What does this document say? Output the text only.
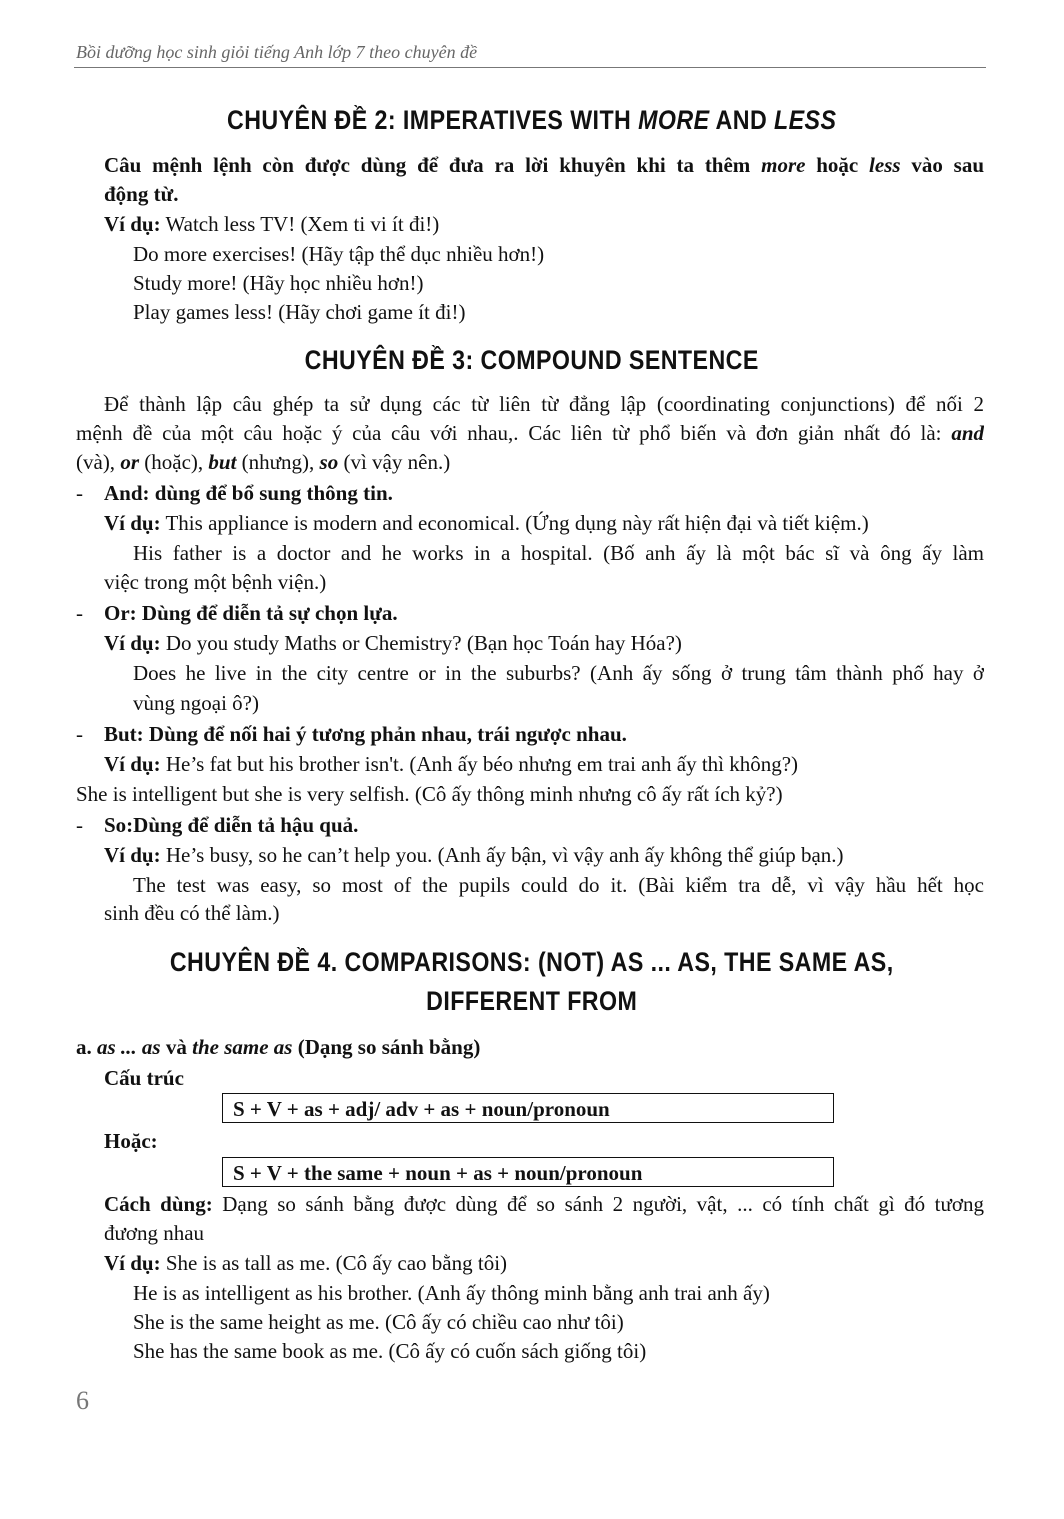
Bồi dưỡng học sinh giỏi tiếng Anh lớp 7 theo chuyên đề
CHUYÊN ĐỀ 2: IMPERATIVES WITH MORE AND LESS
CHUYÊN ĐỀ 3: COMPOUND SENTENCE
CHUYÊN ĐỀ 4. COMPARISONS: (NOT) AS ... AS, THE SAME AS,
DIFFERENT FROM
Câu mệnh lệnh còn được dùng để đưa ra lời khuyên khi ta thêm more hoặc less vào sau
động từ.
Ví dụ: Watch less TV! (Xem ti vi ít đi!)
Do more exercises! (Hãy tập thể dục nhiều hơn!)
Study more! (Hãy học nhiều hơn!)
Play games less! (Hãy chơi game ít đi!)
Để thành lập câu ghép ta sử dụng các từ liên từ đẳng lập (coordinating conjunctions) để nối 2
mệnh đề của một câu hoặc ý của câu với nhau,. Các liên từ phổ biến và đơn giản nhất đó là: and
(và), or (hoặc), but (nhưng), so (vì vậy nên.)
And: dùng để bổ sung thông tin.
-
Ví dụ: This appliance is modern and economical. (Ứng dụng này rất hiện đại và tiết kiệm.)
His father is a doctor and he works in a hospital. (Bố anh ấy là một bác sĩ và ông ấy làm
việc trong một bệnh viện.)
Or: Dùng để diễn tả sự chọn lựa.
-
Ví dụ: Do you study Maths or Chemistry? (Bạn học Toán hay Hóa?)
Does he live in the city centre or in the suburbs? (Anh ấy sống ở trung tâm thành phố hay ở
vùng ngoại ô?)
But: Dùng để nối hai ý tương phản nhau, trái ngược nhau.
-
Ví dụ: He’s fat but his brother isn't. (Anh ấy béo nhưng em trai anh ấy thì không?)
She is intelligent but she is very selfish. (Cô ấy thông minh nhưng cô ấy rất ích kỷ?)
So:Dùng để diễn tả hậu quả.
-
Ví dụ: He’s busy, so he can’t help you. (Anh ấy bận, vì vậy anh ấy không thể giúp bạn.)
The test was easy, so most of the pupils could do it. (Bài kiểm tra dễ, vì vậy hầu hết học
sinh đều có thể làm.)
a. as ... as và the same as (Dạng so sánh bằng)
Cấu trúc
Hoặc:
Cách dùng: Dạng so sánh bằng được dùng để so sánh 2 người, vật, ... có tính chất gì đó tương
đương nhau
Ví dụ: She is as tall as me. (Cô ấy cao bằng tôi)
He is as intelligent as his brother. (Anh ấy thông minh bằng anh trai anh ấy)
She is the same height as me. (Cô ấy có chiều cao như tôi)
She has the same book as me. (Cô ấy có cuốn sách giống tôi)
S + V + as + adj/ adv + as + noun/pronoun
S + V + the same + noun + as + noun/pronoun
6
